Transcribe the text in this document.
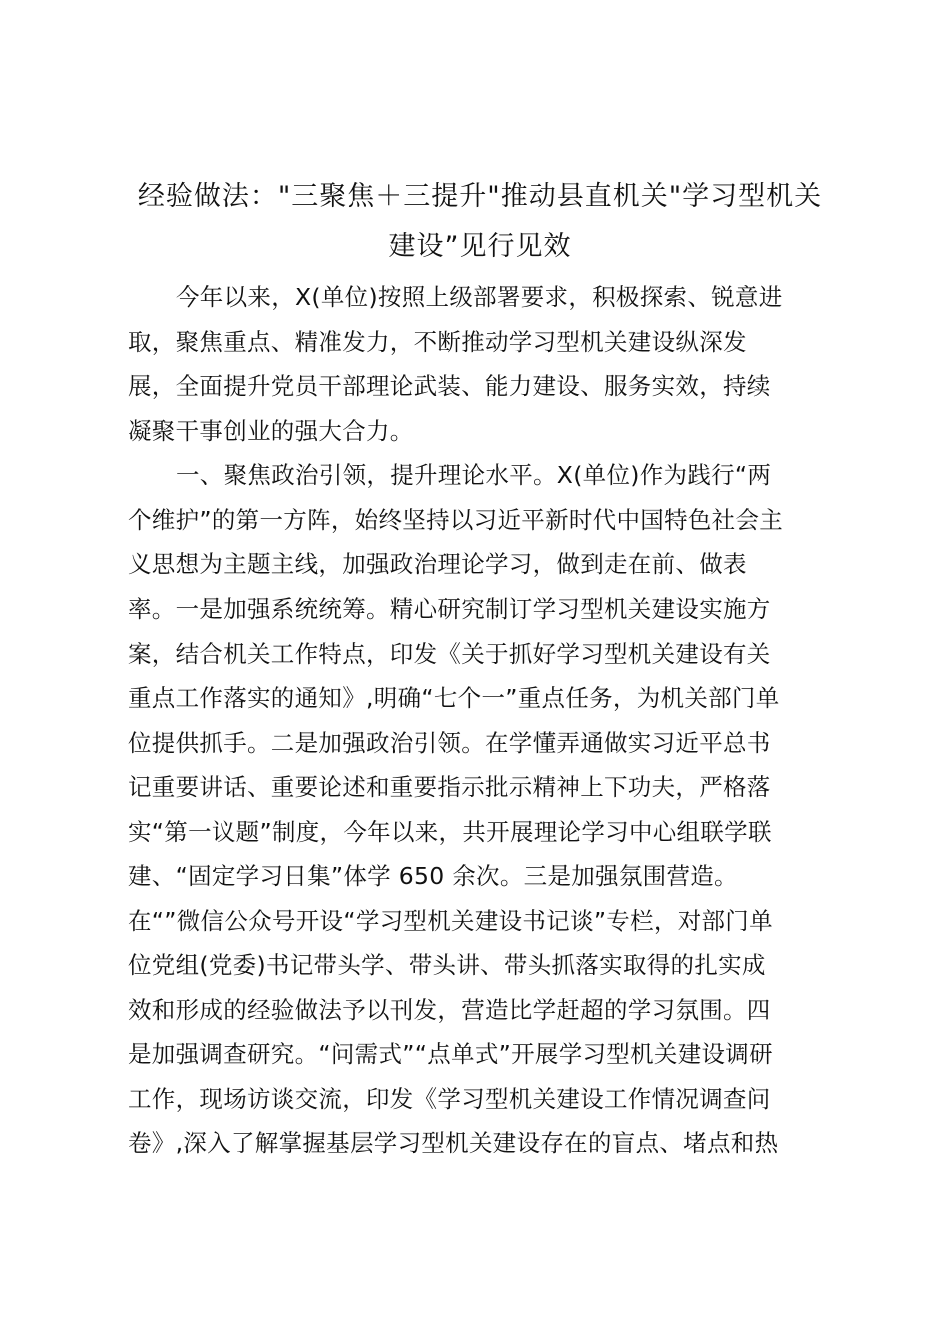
经验做法："三聚焦＋三提升"推动县直机关"学习型机关
建设”见行见效
今年以来，X(单位)按照上级部署要求，积极探索、锐意进
取，聚焦重点、精准发力，不断推动学习型机关建设纵深发
展，全面提升党员干部理论武装、能力建设、服务实效，持续
凝聚干事创业的强大合力。
一、聚焦政治引领，提升理论水平。X(单位)作为践行“两
个维护”的第一方阵，始终坚持以习近平新时代中国特色社会主
义思想为主题主线，加强政治理论学习，做到走在前、做表
率。一是加强系统统筹。精心研究制订学习型机关建设实施方
案，结合机关工作特点，印发《关于抓好学习型机关建设有关
重点工作落实的通知》,明确“七个一”重点任务，为机关部门单
位提供抓手。二是加强政治引领。在学懂弄通做实习近平总书
记重要讲话、重要论述和重要指示批示精神上下功夫，严格落
实“第一议题”制度，今年以来，共开展理论学习中心组联学联
建、“固定学习日集”体学 650 余次。三是加强氛围营造。
在“”微信公众号开设“学习型机关建设书记谈”专栏，对部门单
位党组(党委)书记带头学、带头讲、带头抓落实取得的扎实成
效和形成的经验做法予以刊发，营造比学赶超的学习氛围。四
是加强调查研究。“问需式”“点单式”开展学习型机关建设调研
工作，现场访谈交流，印发《学习型机关建设工作情况调查问
卷》,深入了解掌握基层学习型机关建设存在的盲点、堵点和热
